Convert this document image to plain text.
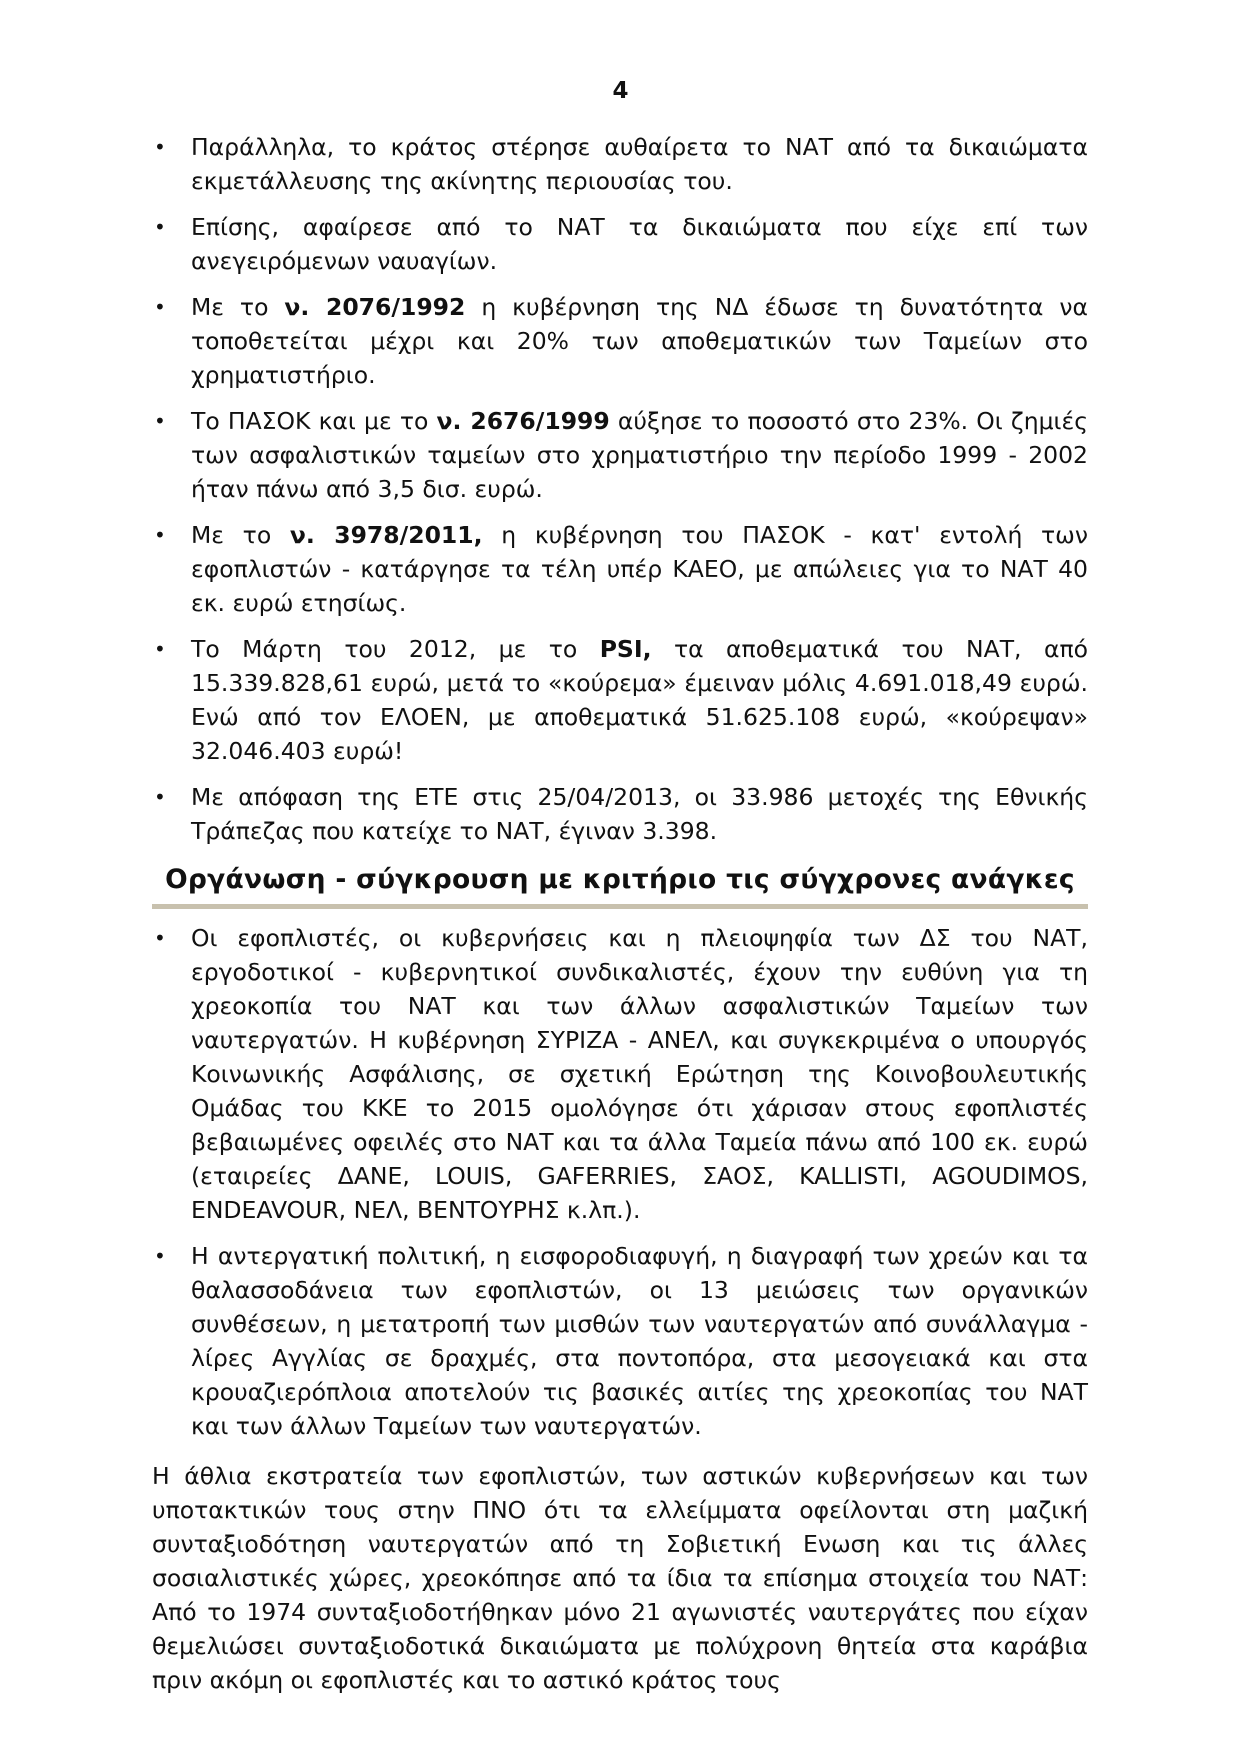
4

• Παράλληλα, το κράτος στέρησε αυθαίρετα το ΝΑΤ από τα δικαιώματα εκμετάλλευσης της ακίνητης περιουσίας του.
• Επίσης, αφαίρεσε από το ΝΑΤ τα δικαιώματα που είχε επί των ανεγειρόμενων ναυαγίων.
• Με το ν. 2076/1992 η κυβέρνηση της ΝΔ έδωσε τη δυνατότητα να τοποθετείται μέχρι και 20% των αποθεματικών των Ταμείων στο χρηματιστήριο.
• Το ΠΑΣΟΚ και με το ν. 2676/1999 αύξησε το ποσοστό στο 23%. Οι ζημιές των ασφαλιστικών ταμείων στο χρηματιστήριο την περίοδο 1999 - 2002 ήταν πάνω από 3,5 δισ. ευρώ.
• Με το ν. 3978/2011, η κυβέρνηση του ΠΑΣΟΚ - κατ' εντολή των εφοπλιστών - κατάργησε τα τέλη υπέρ ΚΑΕΟ, με απώλειες για το ΝΑΤ 40 εκ. ευρώ ετησίως.
• Το Μάρτη του 2012, με το PSI, τα αποθεματικά του ΝΑΤ, από 15.339.828,61 ευρώ, μετά το «κούρεμα» έμειναν μόλις 4.691.018,49 ευρώ. Ενώ από τον ΕΛΟΕΝ, με αποθεματικά 51.625.108 ευρώ, «κούρεψαν» 32.046.403 ευρώ!
• Με απόφαση της ΕΤΕ στις 25/04/2013, οι 33.986 μετοχές της Εθνικής Τράπεζας που κατείχε το ΝΑΤ, έγιναν 3.398.
Οργάνωση - σύγκρουση με κριτήριο τις σύγχρονες ανάγκες
• Οι εφοπλιστές, οι κυβερνήσεις και η πλειοψηφία των ΔΣ του ΝΑΤ, εργοδοτικοί - κυβερνητικοί συνδικαλιστές, έχουν την ευθύνη για τη χρεοκοπία του ΝΑΤ και των άλλων ασφαλιστικών Ταμείων των ναυτεργατών. Η κυβέρνηση ΣΥΡΙΖΑ - ΑΝΕΛ, και συγκεκριμένα ο υπουργός Κοινωνικής Ασφάλισης, σε σχετική Ερώτηση της Κοινοβουλευτικής Ομάδας του ΚΚΕ το 2015 ομολόγησε ότι χάρισαν στους εφοπλιστές βεβαιωμένες οφειλές στο ΝΑΤ και τα άλλα Ταμεία πάνω από 100 εκ. ευρώ (εταιρείες ΔΑΝΕ, LOUIS, GAFERRIES, ΣΑΟΣ, KALLISTI, AGOUDIMOS, ENDEAVOUR, ΝΕΛ, ΒΕΝΤΟΥΡΗΣ κ.λπ.).
• Η αντεργατική πολιτική, η εισφοροδιαφυγή, η διαγραφή των χρεών και τα θαλασσοδάνεια των εφοπλιστών, οι 13 μειώσεις των οργανικών συνθέσεων, η μετατροπή των μισθών των ναυτεργατών από συνάλλαγμα - λίρες Αγγλίας σε δραχμές, στα ποντοπόρα, στα μεσογειακά και στα κρουαζιερόπλοια αποτελούν τις βασικές αιτίες της χρεοκοπίας του ΝΑΤ και των άλλων Ταμείων των ναυτεργατών.

Η άθλια εκστρατεία των εφοπλιστών, των αστικών κυβερνήσεων και των υποτακτικών τους στην ΠΝΟ ότι τα ελλείμματα οφείλονται στη μαζική συνταξιοδότηση ναυτεργατών από τη Σοβιετική Ενωση και τις άλλες σοσιαλιστικές χώρες, χρεοκόπησε από τα ίδια τα επίσημα στοιχεία του ΝΑΤ: Από το 1974 συνταξιοδοτήθηκαν μόνο 21 αγωνιστές ναυτεργάτες που είχαν θεμελιώσει συνταξιοδοτικά δικαιώματα με πολύχρονη θητεία στα καράβια πριν ακόμη οι εφοπλιστές και το αστικό κράτος τους
